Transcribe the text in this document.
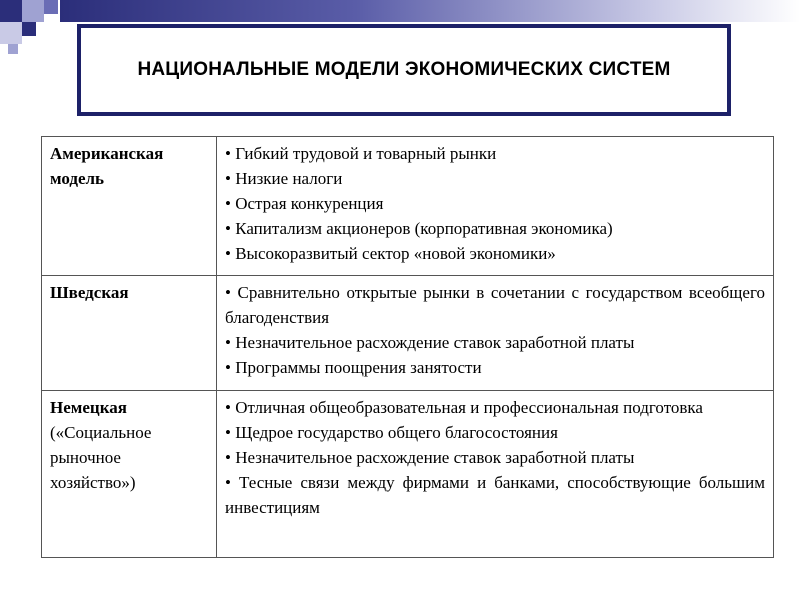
НАЦИОНАЛЬНЫЕ МОДЕЛИ ЭКОНОМИЧЕСКИХ СИСТЕМ
Американская модель	• Гибкий трудовой и товарный рынки
• Низкие налоги
• Острая конкуренция
• Капитализм акционеров (корпоративная экономика)
• Высокоразвитый сектор «новой экономики»

Шведская	• Сравнительно открытые рынки в сочетании с государством всеобщего благоденствия
• Незначительное расхождение ставок заработной платы
• Программы поощрения занятости

Немецкая
(«Социальное рыночное хозяйство»)	• Отличная общеобразовательная и профессиональная подготовка
• Щедрое государство общего благосостояния
• Незначительное расхождение ставок заработной платы
• Тесные связи между фирмами и банками, способствующие большим инвестициям
